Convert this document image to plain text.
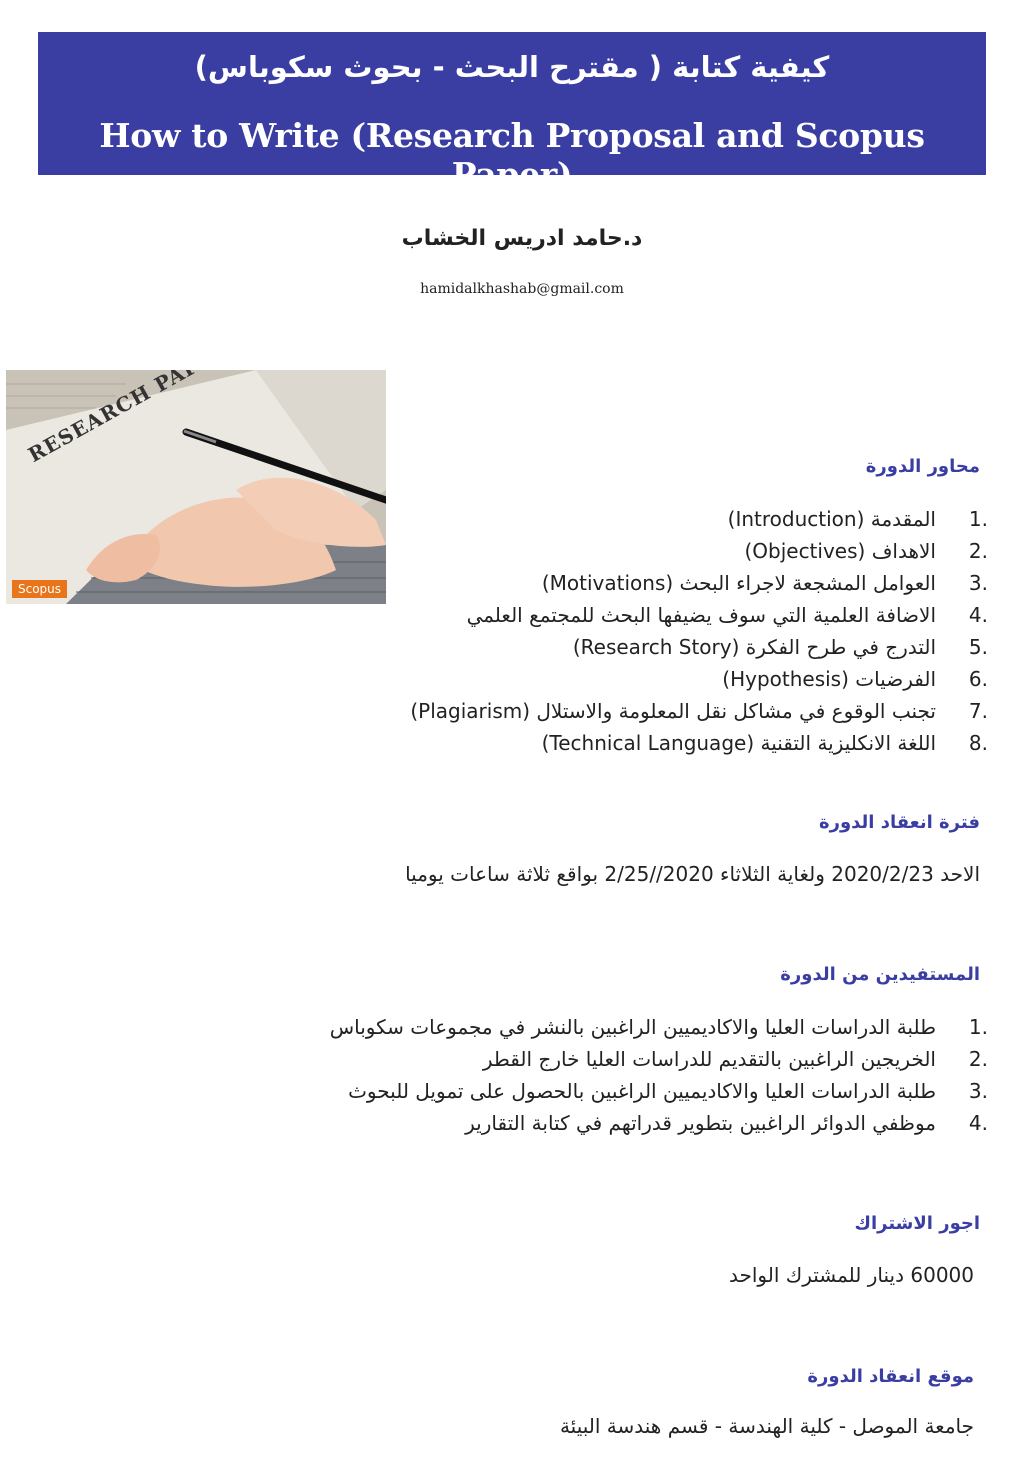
كيفية كتابة ( مقترح البحث - بحوث سكوباس)
How to Write (Research Proposal and Scopus Paper)
د.حامد ادريس الخشاب
hamidalkhashab@gmail.com
Scopus
محاور الدورة
1.
المقدمة (Introduction)
2.
الاهداف (Objectives)
3.
العوامل المشجعة لاجراء البحث (Motivations)
4.
الاضافة العلمية التي سوف يضيفها البحث للمجتمع العلمي
5.
التدرج في طرح الفكرة (Research Story)
6.
الفرضيات (Hypothesis)
7.
تجنب الوقوع في مشاكل نقل المعلومة والاستلال (Plagiarism)
8.
اللغة الانكليزية التقنية (Technical Language)
فترة انعقاد الدورة
الاحد 2020/2/23 ولغاية الثلاثاء 2020//2/25 بواقع ثلاثة ساعات يوميا
المستفيدين من الدورة
1.
طلبة الدراسات العليا والاكاديميين الراغبين بالنشر في مجموعات سكوباس
2.
الخريجين الراغبين بالتقديم للدراسات العليا خارج القطر
3.
طلبة الدراسات العليا والاكاديميين الراغبين بالحصول على تمويل للبحوث
4.
موظفي الدوائر الراغبين بتطوير قدراتهم في كتابة التقارير
اجور الاشتراك
60000 دينار للمشترك الواحد
موقع انعقاد الدورة
جامعة الموصل - كلية الهندسة - قسم هندسة البيئة
